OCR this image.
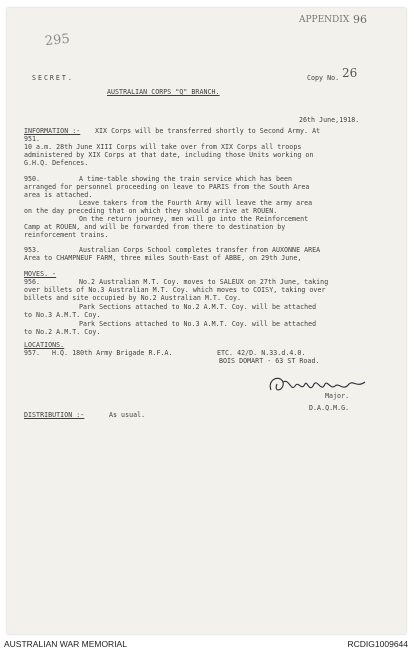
APPENDIX 96
295
SECRET.
AUSTRALIAN CORPS "Q" BRANCH.
Copy No. 26
26th June,1918.
INFORMATION :- XIX Corps will be transferred shortly to Second Army. At
951.
10 a.m. 28th June XIII Corps will take over from XIX Corps all troops
administered by XIX Corps at that date, including those Units working on
G.H.Q. Defences.
950.	A time-table showing the train service which has been
arranged for personnel proceeding on leave to PARIS from the South Area
area is attached.
Leave takers from the Fourth Army will leave the army area
on the day preceding that on which they should arrive at ROUEN.
On the return journey, men will go into the Reinforcement
Camp at ROUEN, and will be forwarded from there to destination by
reinforcement trains.
953.	Australian Corps School completes transfer from AUXONNE AREA
Area to CHAMPNEUF FARM, three miles South-East of ABBE, on 29th June,
MOVES. -
956.	No.2 Australian M.T. Coy. moves to SALEUX on 27th June, taking
over billets of No.3 Australian M.T. Coy. which moves to COISY, taking over
billets and site occupied by No.2 Australian M.T. Coy.
Park Sections attached to No.2 A.M.T. Coy. will be attached
to No.3 A.M.T. Coy.
Park Sections attached to No.3 A.M.T. Coy. will be attached
to No.2 A.M.T. Coy.
LOCATIONS.
957. H.Q. 180th Army Brigade R.F.A.	ETC. 42/D. N.33.d.4.0.
BOIS DOMART - 63 ST Road.
Major.
D.A.Q.M.G.
DISTRIBUTION :-	As usual.
AUSTRALIAN WAR MEMORIAL	RCDIG1009644
